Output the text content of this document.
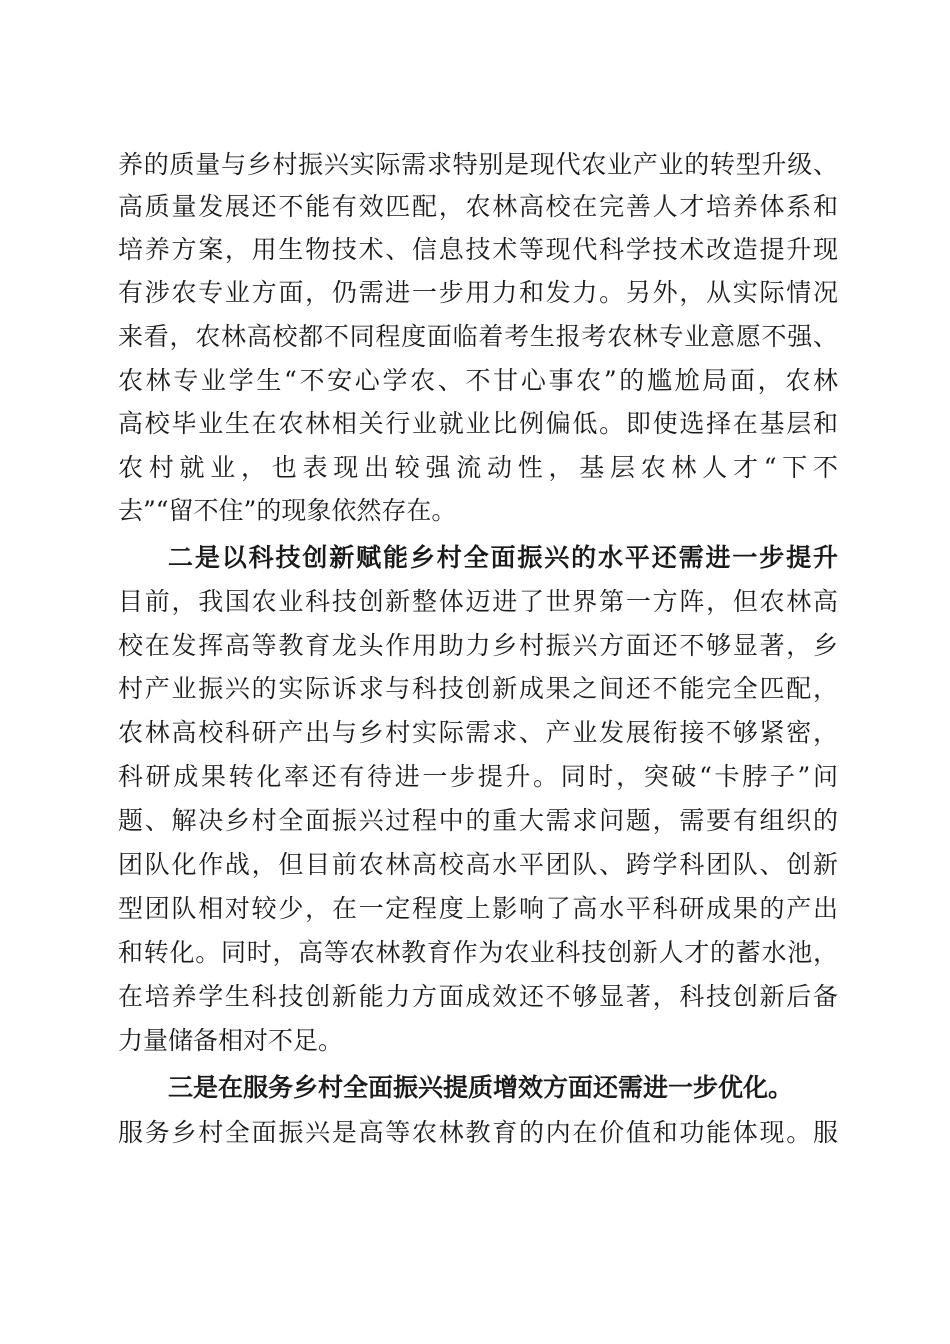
养的质量与乡村振兴实际需求特别是现代农业产业的转型升级、
高质量发展还不能有效匹配，农林高校在完善人才培养体系和
培养方案，用生物技术、信息技术等现代科学技术改造提升现
有涉农专业方面，仍需进一步用力和发力。另外，从实际情况
来看，农林高校都不同程度面临着考生报考农林专业意愿不强、
农林专业学生“不安心学农、不甘心事农”的尴尬局面，农林
高校毕业生在农林相关行业就业比例偏低。即使选择在基层和
农村就业，也表现出较强流动性，基层农林人才“下不
去”“留不住”的现象依然存在。
二是以科技创新赋能乡村全面振兴的水平还需进一步提升
目前，我国农业科技创新整体迈进了世界第一方阵，但农林高
校在发挥高等教育龙头作用助力乡村振兴方面还不够显著，乡
村产业振兴的实际诉求与科技创新成果之间还不能完全匹配，
农林高校科研产出与乡村实际需求、产业发展衔接不够紧密，
科研成果转化率还有待进一步提升。同时，突破“卡脖子”问
题、解决乡村全面振兴过程中的重大需求问题，需要有组织的
团队化作战，但目前农林高校高水平团队、跨学科团队、创新
型团队相对较少，在一定程度上影响了高水平科研成果的产出
和转化。同时，高等农林教育作为农业科技创新人才的蓄水池，
在培养学生科技创新能力方面成效还不够显著，科技创新后备
力量储备相对不足。
三是在服务乡村全面振兴提质增效方面还需进一步优化。
服务乡村全面振兴是高等农林教育的内在价值和功能体现。服
